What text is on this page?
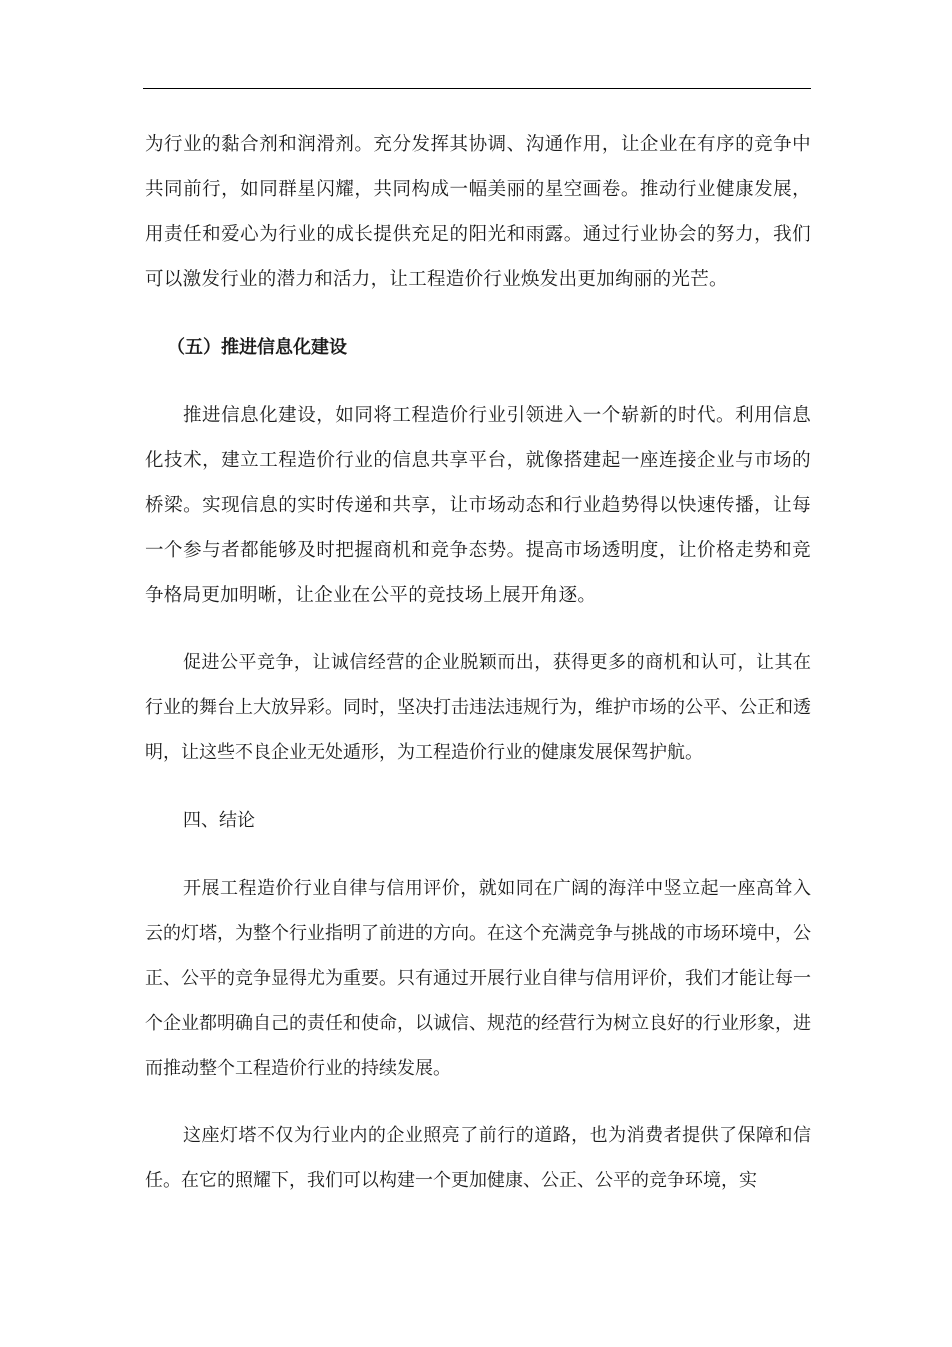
为行业的黏合剂和润滑剂。充分发挥其协调、沟通作用，让企业在有序的竞争中共同前行，如同群星闪耀，共同构成一幅美丽的星空画卷。推动行业健康发展，用责任和爱心为行业的成长提供充足的阳光和雨露。通过行业协会的努力，我们可以激发行业的潜力和活力，让工程造价行业焕发出更加绚丽的光芒。

（五）推进信息化建设

推进信息化建设，如同将工程造价行业引领进入一个崭新的时代。利用信息化技术，建立工程造价行业的信息共享平台，就像搭建起一座连接企业与市场的桥梁。实现信息的实时传递和共享，让市场动态和行业趋势得以快速传播，让每一个参与者都能够及时把握商机和竞争态势。提高市场透明度，让价格走势和竞争格局更加明晰，让企业在公平的竞技场上展开角逐。

促进公平竞争，让诚信经营的企业脱颖而出，获得更多的商机和认可，让其在行业的舞台上大放异彩。同时，坚决打击违法违规行为，维护市场的公平、公正和透明，让这些不良企业无处遁形，为工程造价行业的健康发展保驾护航。

四、结论

开展工程造价行业自律与信用评价，就如同在广阔的海洋中竖立起一座高耸入云的灯塔，为整个行业指明了前进的方向。在这个充满竞争与挑战的市场环境中，公正、公平的竞争显得尤为重要。只有通过开展行业自律与信用评价，我们才能让每一个企业都明确自己的责任和使命，以诚信、规范的经营行为树立良好的行业形象，进而推动整个工程造价行业的持续发展。

这座灯塔不仅为行业内的企业照亮了前行的道路，也为消费者提供了保障和信任。在它的照耀下，我们可以构建一个更加健康、公正、公平的竞争环境，实
